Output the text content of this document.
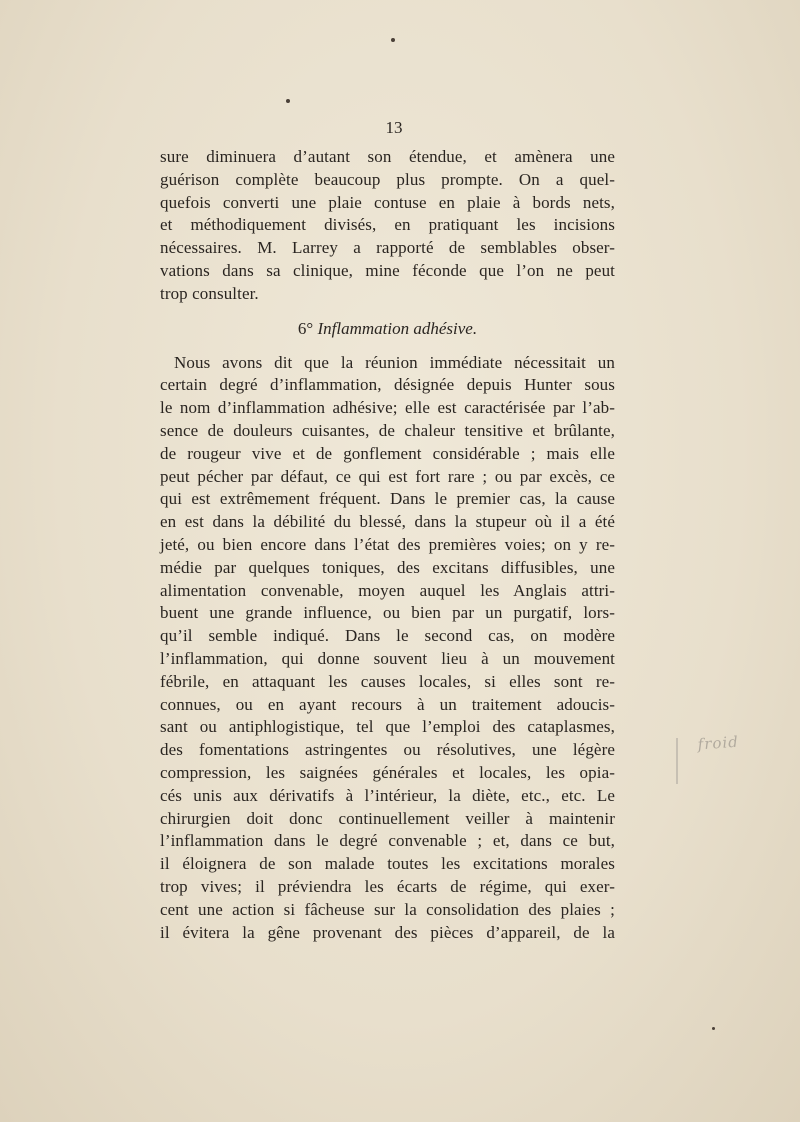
13
sure diminuera d’autant son étendue, et amènera une
guérison complète beaucoup plus prompte. On a quel-
quefois converti une plaie contuse en plaie à bords nets,
et méthodiquement divisés, en pratiquant les incisions
nécessaires. M. Larrey a rapporté de semblables obser-
vations dans sa clinique, mine féconde que l’on ne peut
trop consulter.
6° Inflammation adhésive.
Nous avons dit que la réunion immédiate nécessitait un
certain degré d’inflammation, désignée depuis Hunter sous
le nom d’inflammation adhésive; elle est caractérisée par l’ab-
sence de douleurs cuisantes, de chaleur tensitive et brûlante,
de rougeur vive et de gonflement considérable ; mais elle
peut pécher par défaut, ce qui est fort rare ; ou par excès, ce
qui est extrêmement fréquent. Dans le premier cas, la cause
en est dans la débilité du blessé, dans la stupeur où il a été
jeté, ou bien encore dans l’état des premières voies; on y re-
médie par quelques toniques, des excitans diffusibles, une
alimentation convenable, moyen auquel les Anglais attri-
buent une grande influence, ou bien par un purgatif, lors-
qu’il semble indiqué. Dans le second cas, on modère
l’inflammation, qui donne souvent lieu à un mouvement
fébrile, en attaquant les causes locales, si elles sont re-
connues, ou en ayant recours à un traitement adoucis-
sant ou antiphlogistique, tel que l’emploi des cataplasmes,
des fomentations astringentes ou résolutives, une légère
compression, les saignées générales et locales, les opia-
cés unis aux dérivatifs à l’intérieur, la diète, etc., etc. Le
chirurgien doit donc continuellement veiller à maintenir
l’inflammation dans le degré convenable ; et, dans ce but,
il éloignera de son malade toutes les excitations morales
trop vives; il préviendra les écarts de régime, qui exer-
cent une action si fâcheuse sur la consolidation des plaies ;
il évitera la gêne provenant des pièces d’appareil, de la
froid
